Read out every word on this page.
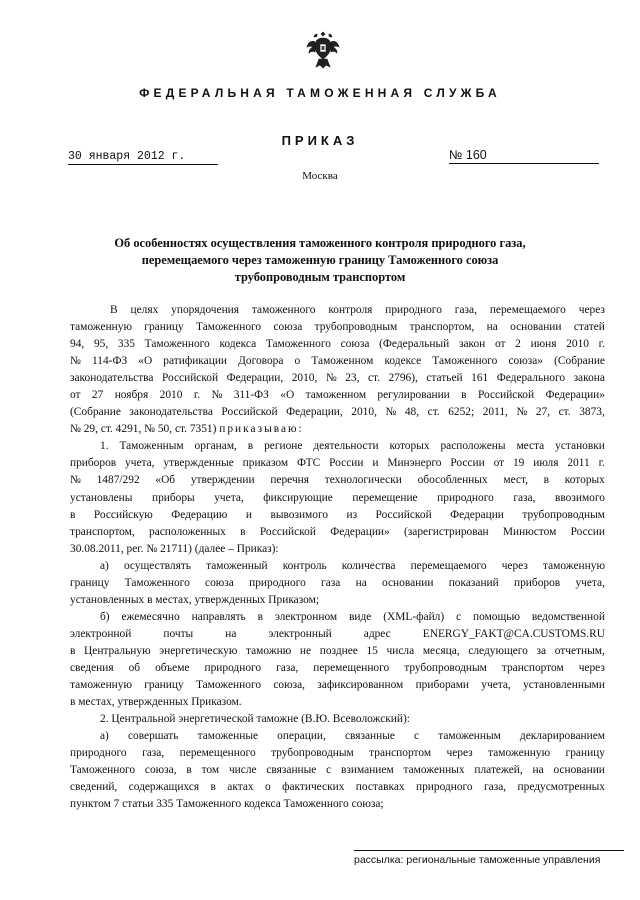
ФЕДЕРАЛЬНАЯ ТАМОЖЕННАЯ СЛУЖБА
ПРИКАЗ
30 января 2012 г.	№ 160
Москва
Об особенностях осуществления таможенного контроля природного газа,
перемещаемого через таможенную границу Таможенного союза
трубопроводным транспортом
В целях упорядочения таможенного контроля природного газа, перемещаемого через
таможенную границу Таможенного союза трубопроводным транспортом, на основании статей
94, 95, 335 Таможенного кодекса Таможенного союза (Федеральный закон от 2 июня 2010 г.
№ 114-ФЗ «О ратификации Договора о Таможенном кодексе Таможенного союза» (Собрание
законодательства Российской Федерации, 2010, № 23, ст. 2796), статьей 161 Федерального закона
от 27 ноября 2010 г. № 311-ФЗ «О таможенном регулировании в Российской Федерации»
(Собрание законодательства Российской Федерации, 2010, № 48, ст. 6252; 2011, № 27, ст. 3873,
№ 29, ст. 4291, № 50, ст. 7351)
приказываю:
1. Таможенным органам, в регионе деятельности которых расположены места установки
приборов учета, утвержденные приказом ФТС России и Минэнерго России от 19 июля 2011 г.
№ 1487/292 «Об утверждении перечня технологически обособленных мест, в которых
установлены приборы учета, фиксирующие перемещение природного газа, ввозимого
в Российскую Федерацию и вывозимого из Российской Федерации трубопроводным
транспортом, расположенных в Российской Федерации» (зарегистрирован Минюстом России
30.08.2011, рег. № 21711) (далее – Приказ):
а) осуществлять таможенный контроль количества перемещаемого через таможенную
границу Таможенного союза природного газа на основании показаний приборов учета,
установленных в местах, утвержденных Приказом;
б) ежемесячно направлять в электронном виде (XML-файл) с помощью ведомственной
электронной	почты	на	электронный	адрес	ENERGY_FAKT@CA.CUSTOMS.RU
в Центральную энергетическую таможню не позднее 15 числа месяца, следующего за отчетным,
сведения об объеме природного газа, перемещенного трубопроводным транспортом через
таможенную границу Таможенного союза, зафиксированном приборами учета, установленными
в местах, утвержденных Приказом.
2. Центральной энергетической таможне (В.Ю. Всеволожский):
а) совершать таможенные операции, связанные с таможенным декларированием
природного газа, перемещенного трубопроводным транспортом через таможенную границу
Таможенного союза, в том числе связанные с взиманием таможенных платежей, на основании
сведений, содержащихся в актах о фактических поставках природного газа, предусмотренных
пунктом 7 статьи 335 Таможенного кодекса Таможенного союза;
рассылка: региональные таможенные управления
